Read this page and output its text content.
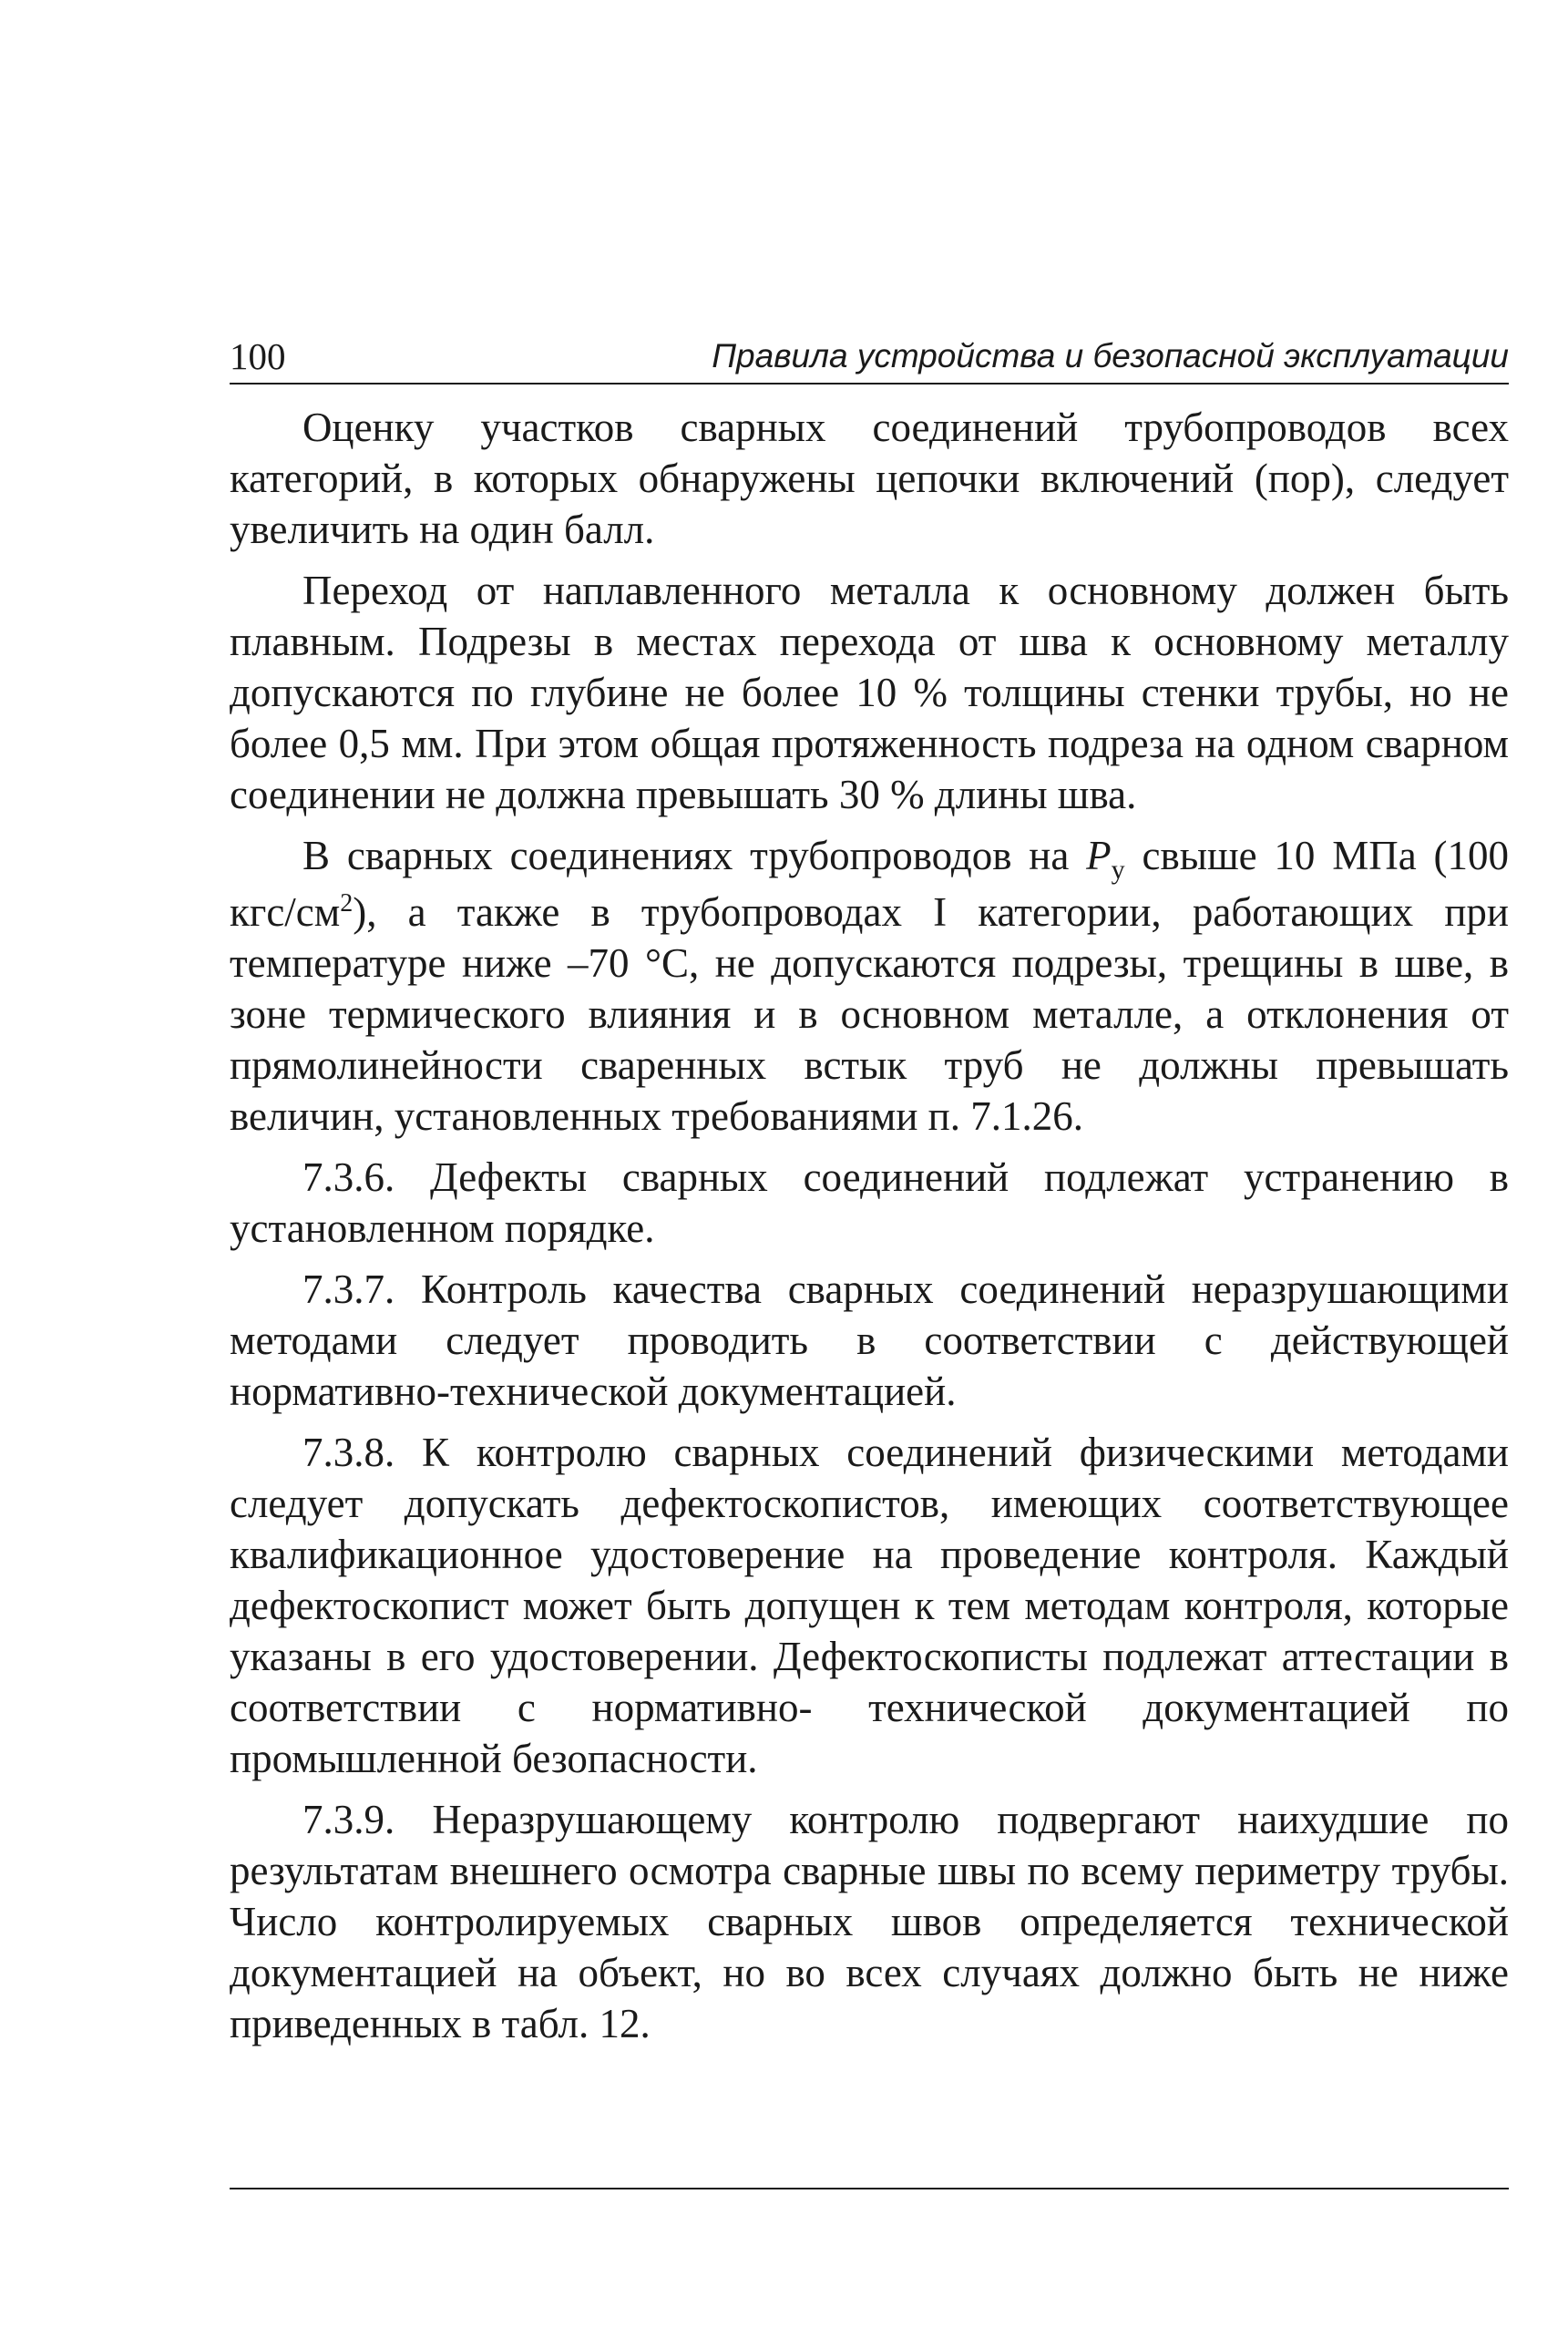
100	Правила устройства и безопасной эксплуатации

Оценку участков сварных соединений трубопроводов всех категорий, в которых обнаружены цепочки включений (пор), следует увеличить на один балл.

Переход от наплавленного металла к основному должен быть плавным. Подрезы в местах перехода от шва к основному металлу допускаются по глубине не более 10 % толщины стенки трубы, но не более 0,5 мм. При этом общая протяженность подреза на одном сварном соединении не должна превышать 30 % длины шва.

В сварных соединениях трубопроводов на $P_у$ свыше 10 МПа (100 кгс/$см^2$), а также в трубопроводах I категории, работающих при температуре ниже –70 °С, не допускаются подрезы, трещины в шве, в зоне термического влияния и в основном металле, а отклонения от прямолинейности сваренных встык труб не должны превышать величин, установленных требованиями п. 7.1.26.

7.3.6. Дефекты сварных соединений подлежат устранению в установленном порядке.

7.3.7. Контроль качества сварных соединений неразрушающими методами следует проводить в соответствии с действующей нормативно-технической документацией.

7.3.8. К контролю сварных соединений физическими методами следует допускать дефектоскопистов, имеющих соответствующее квалификационное удостоверение на проведение контроля. Каждый дефектоскопист может быть допущен к тем методам контроля, которые указаны в его удостоверении. Дефектоскописты подлежат аттестации в соответствии с нормативно- технической документацией по промышленной безопасности.

7.3.9. Неразрушающему контролю подвергают наихудшие по результатам внешнего осмотра сварные швы по всему периметру трубы. Число контролируемых сварных швов определяется технической документацией на объект, но во всех случаях должно быть не ниже приведенных в табл. 12.
